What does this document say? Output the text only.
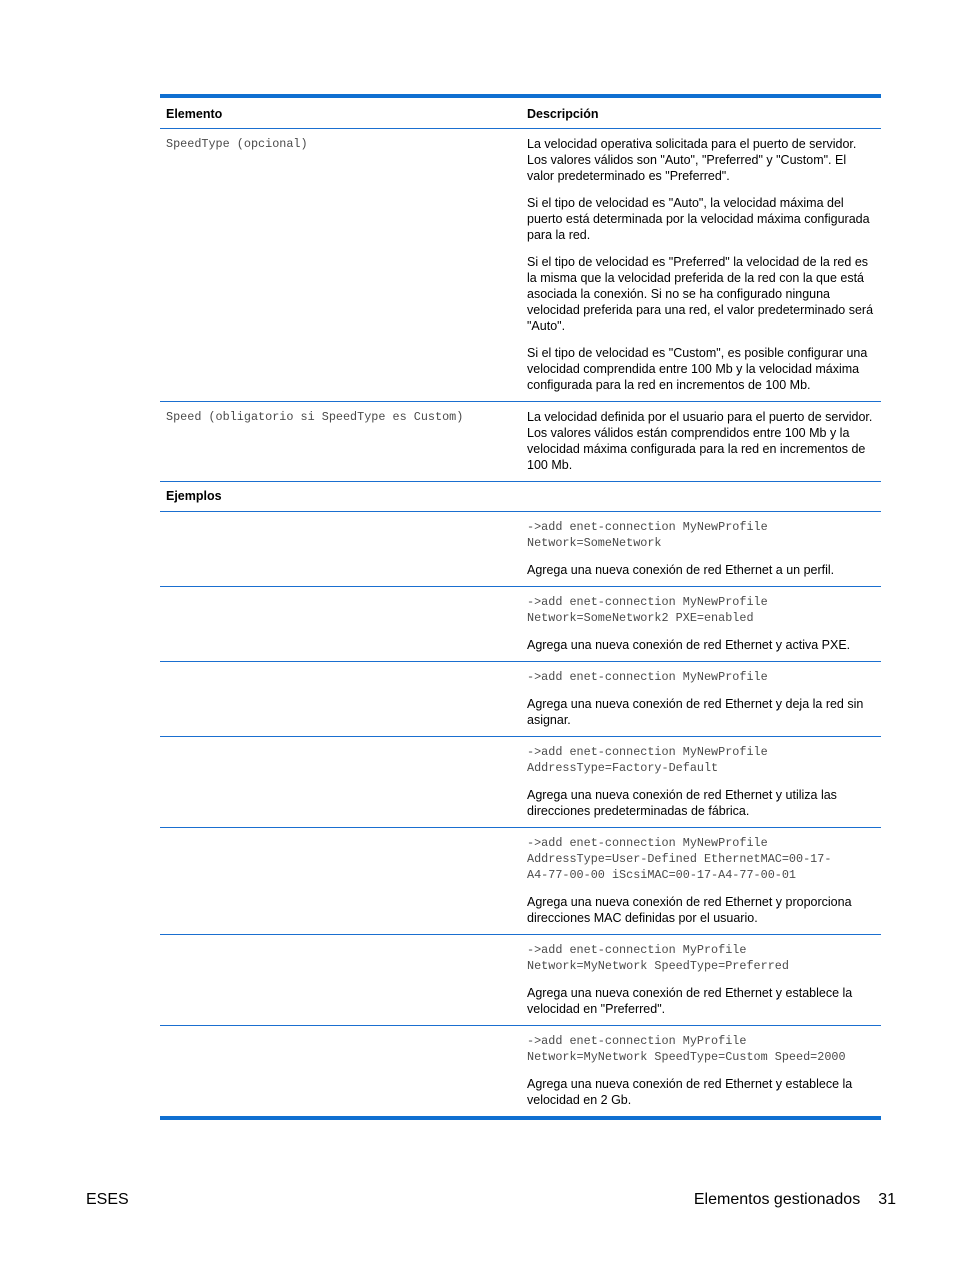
Elemento	Descripción
SpeedType (opcional)	La velocidad operativa solicitada para el puerto de servidor. Los valores válidos son "Auto", "Preferred" y "Custom". El valor predeterminado es "Preferred".

Si el tipo de velocidad es "Auto", la velocidad máxima del puerto está determinada por la velocidad máxima configurada para la red.

Si el tipo de velocidad es "Preferred" la velocidad de la red es la misma que la velocidad preferida de la red con la que está asociada la conexión. Si no se ha configurado ninguna velocidad preferida para una red, el valor predeterminado será "Auto".

Si el tipo de velocidad es "Custom", es posible configurar una velocidad comprendida entre 100 Mb y la velocidad máxima configurada para la red en incrementos de 100 Mb.

Speed (obligatorio si SpeedType es Custom)	La velocidad definida por el usuario para el puerto de servidor. Los valores válidos están comprendidos entre 100 Mb y la velocidad máxima configurada para la red en incrementos de 100 Mb.

Ejemplos
->add enet-connection MyNewProfile
Network=SomeNetwork

Agrega una nueva conexión de red Ethernet a un perfil.

->add enet-connection MyNewProfile
Network=SomeNetwork2 PXE=enabled

Agrega una nueva conexión de red Ethernet y activa PXE.

->add enet-connection MyNewProfile

Agrega una nueva conexión de red Ethernet y deja la red sin asignar.

->add enet-connection MyNewProfile
AddressType=Factory-Default

Agrega una nueva conexión de red Ethernet y utiliza las direcciones predeterminadas de fábrica.

->add enet-connection MyNewProfile
AddressType=User-Defined EthernetMAC=00-17-
A4-77-00-00 iScsiMAC=00-17-A4-77-00-01

Agrega una nueva conexión de red Ethernet y proporciona direcciones MAC definidas por el usuario.

->add enet-connection MyProfile
Network=MyNetwork SpeedType=Preferred

Agrega una nueva conexión de red Ethernet y establece la velocidad en "Preferred".

->add enet-connection MyProfile
Network=MyNetwork SpeedType=Custom Speed=2000

Agrega una nueva conexión de red Ethernet y establece la velocidad en 2 Gb.

ESES	Elementos gestionados 31
